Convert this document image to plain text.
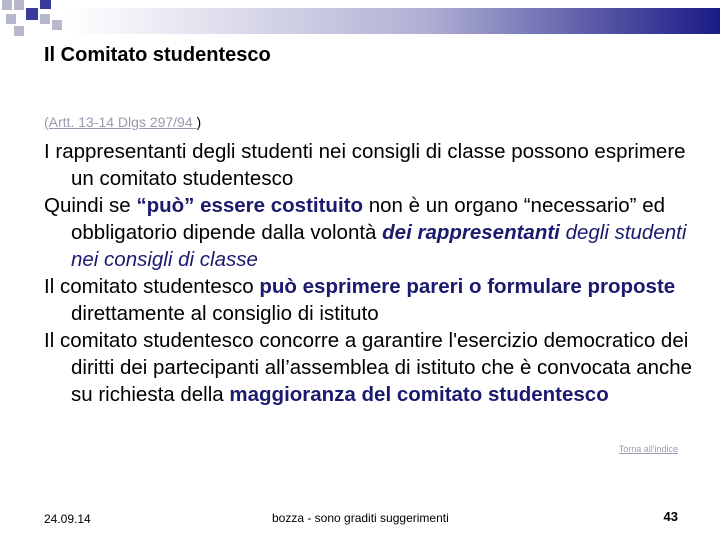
Il Comitato studentesco
(Artt. 13-14 Dlgs 297/94 )

I rappresentanti degli studenti nei consigli di classe possono esprimere un comitato studentesco

Quindi se “può” essere costituito non è un organo “necessario” ed obbligatorio dipende dalla volontà dei rappresentanti degli studenti nei consigli di classe

Il comitato studentesco può esprimere pareri o formulare proposte direttamente al consiglio di istituto

Il comitato studentesco concorre a garantire l'esercizio democratico dei diritti dei partecipanti all’assemblea di istituto che è convocata anche su richiesta della maggioranza del comitato studentesco

Torna all'indice
24.09.14	bozza - sono graditi suggerimenti	43
